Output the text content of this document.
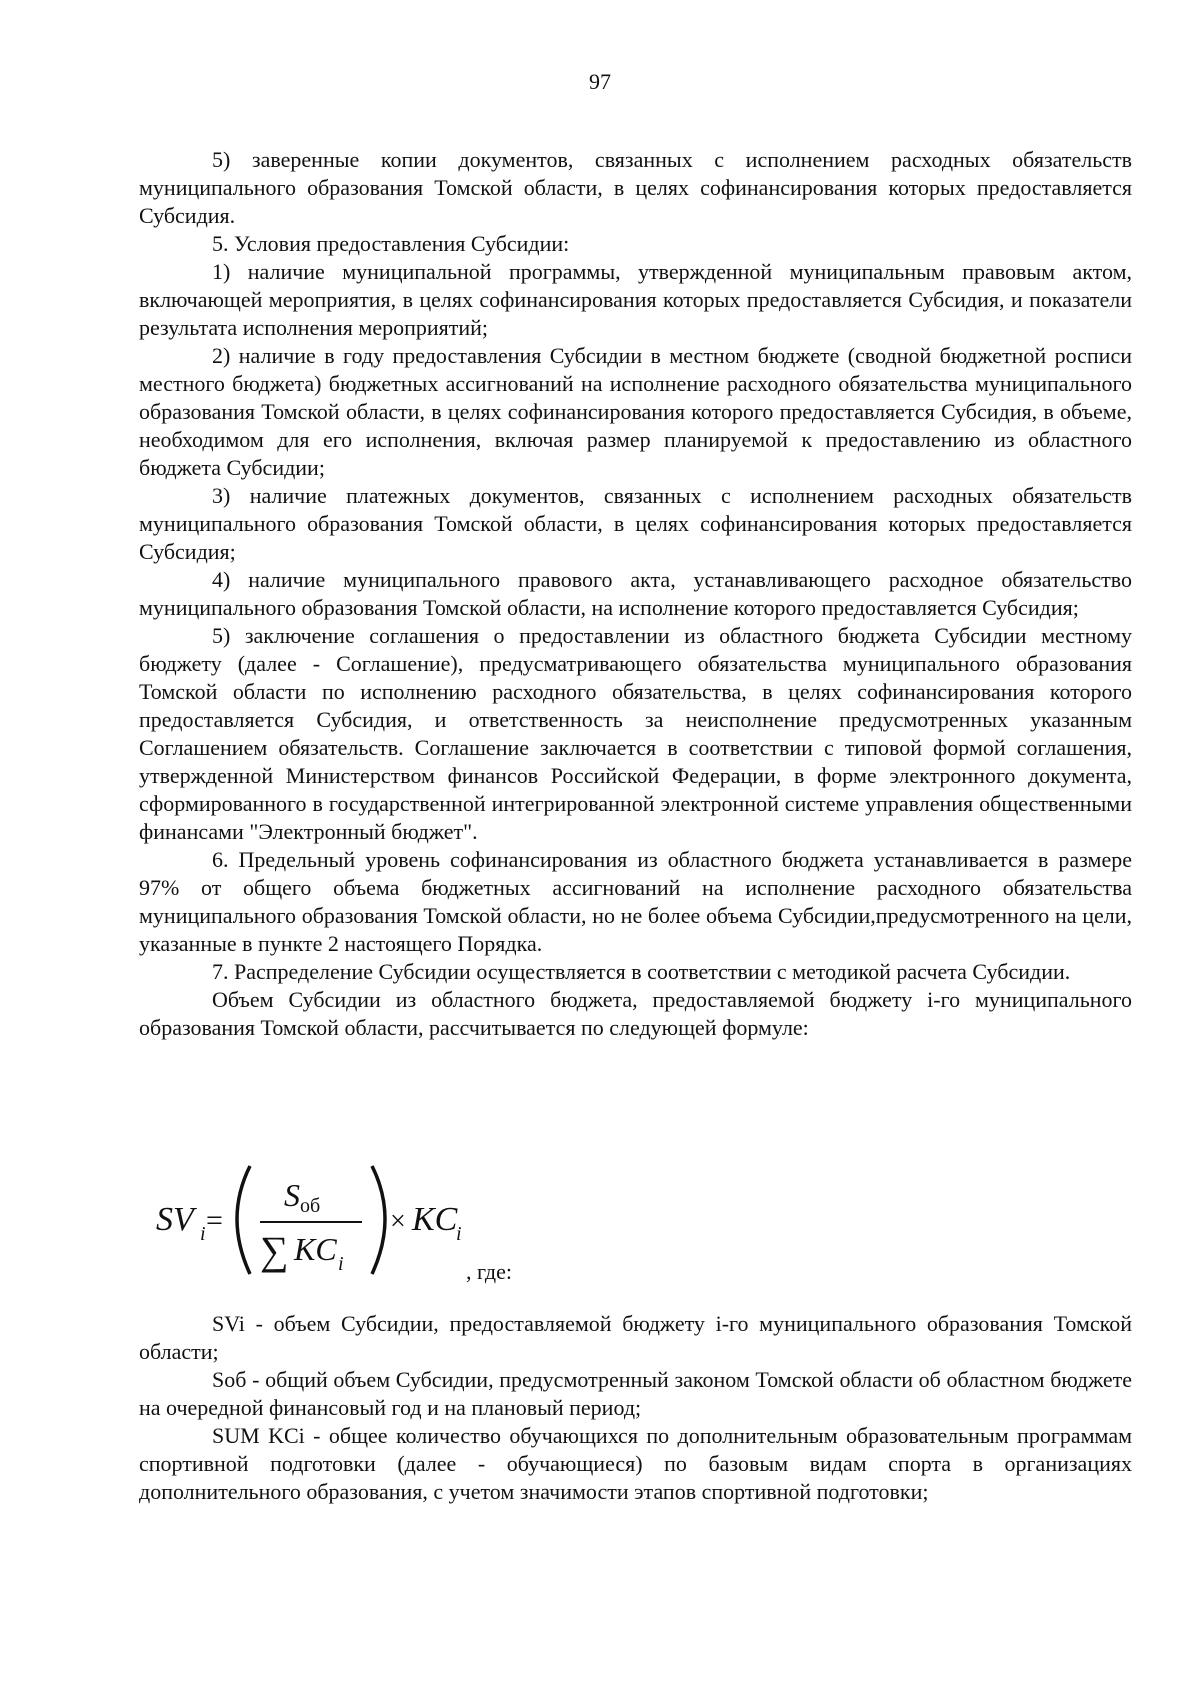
97

5) заверенные копии документов, связанных с исполнением расходных обязательств муниципального образования Томской области, в целях софинансирования которых предоставляется Субсидия.

5. Условия предоставления Субсидии:

1) наличие муниципальной программы, утвержденной муниципальным правовым актом, включающей мероприятия, в целях софинансирования которых предоставляется Субсидия, и показатели результата исполнения мероприятий;

2) наличие в году предоставления Субсидии в местном бюджете (сводной бюджетной росписи местного бюджета) бюджетных ассигнований на исполнение расходного обязательства муниципального образования Томской области, в целях софинансирования которого предоставляется Субсидия, в объеме, необходимом для его исполнения, включая размер планируемой к предоставлению из областного бюджета Субсидии;

3) наличие платежных документов, связанных с исполнением расходных обязательств муниципального образования Томской области, в целях софинансирования которых предоставляется Субсидия;

4) наличие муниципального правового акта, устанавливающего расходное обязательство муниципального образования Томской области, на исполнение которого предоставляется Субсидия;

5) заключение соглашения о предоставлении из областного бюджета Субсидии местному бюджету (далее - Соглашение), предусматривающего обязательства муниципального образования Томской области по исполнению расходного обязательства, в целях софинансирования которого предоставляется Субсидия, и ответственность за неисполнение предусмотренных указанным Соглашением обязательств. Соглашение заключается в соответствии с типовой формой соглашения, утвержденной Министерством финансов Российской Федерации, в форме электронного документа, сформированного в государственной интегрированной электронной системе управления общественными финансами "Электронный бюджет".

6. Предельный уровень софинансирования из областного бюджета устанавливается в размере 97% от общего объема бюджетных ассигнований на исполнение расходного обязательства муниципального образования Томской области, но не более объема Субсидии,предусмотренного на цели, указанные в пункте 2 настоящего Порядка.

7. Распределение Субсидии осуществляется в соответствии с методикой расчета Субсидии.

Объем Субсидии из областного бюджета, предоставляемой бюджету i-го муниципального образования Томской области, рассчитывается по следующей формуле:

SV i =
S об
∑ KC i
× KC
i
, где:

SVi - объем Субсидии, предоставляемой бюджету i-го муниципального образования Томской области;

Sоб - общий объем Субсидии, предусмотренный законом Томской области об областном бюджете на очередной финансовый год и на плановый период;

SUM KCi - общее количество обучающихся по дополнительным образовательным программам спортивной подготовки (далее - обучающиеся) по базовым видам спорта в организациях дополнительного образования, с учетом значимости этапов спортивной подготовки;
